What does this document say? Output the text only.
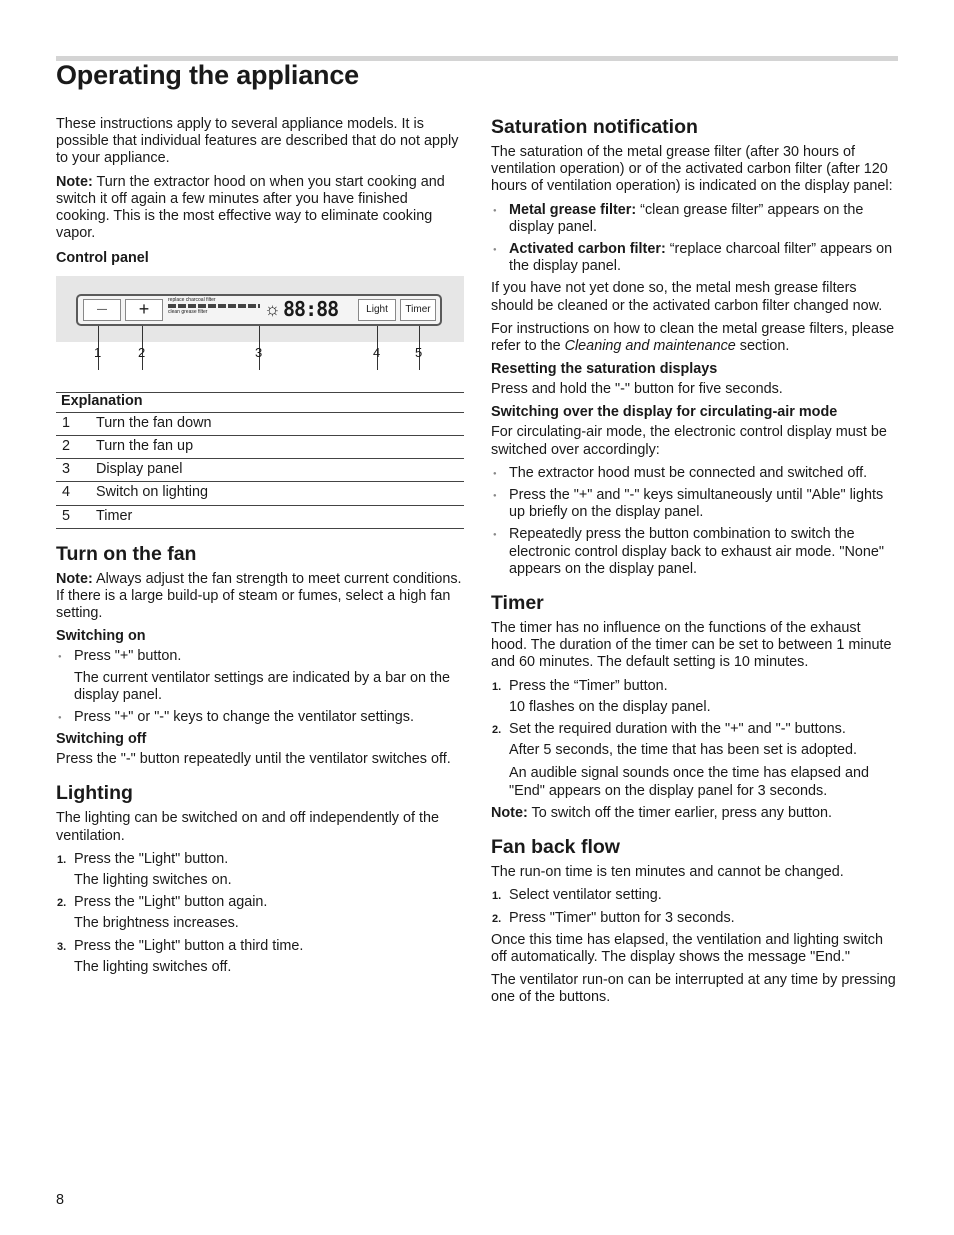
Operating the appliance

These instructions apply to several appliance models. It is possible that individual features are described that do not apply to your appliance.

Note: Turn the extractor hood on when you start cooking and switch it off again a few minutes after you have finished cooking. This is the most effective way to eliminate cooking vapor.

Control panel
—	+	replace charcoal filter
clean grease filter	☼ 88:88	Light	Timer
1	2	3	4	5
Explanation	
1	Turn the fan down
2	Turn the fan up
3	Display panel
4	Switch on lighting
5	Timer
Turn on the fan

Note: Always adjust the fan strength to meet current conditions. If there is a large build-up of steam or fumes, select a high fan setting.

Switching on
● Press "+" button.
The current ventilator settings are indicated by a bar on the display panel.
● Press "+" or "-" keys to change the ventilator settings.
Switching off

Press the "-" button repeatedly until the ventilator switches off.

Lighting

The lighting can be switched on and off independently of the ventilation.

1. Press the "Light" button.
The lighting switches on.
2. Press the "Light" button again.
The brightness increases.
3. Press the "Light" button a third time.
The lighting switches off.
Saturation notification

The saturation of the metal grease filter (after 30 hours of ventilation operation) or of the activated carbon filter (after 120 hours of ventilation operation) is indicated on the display panel:

● Metal grease filter: “clean grease filter” appears on the display panel.
● Activated carbon filter: “replace charcoal filter” appears on the display panel.

If you have not yet done so, the metal mesh grease filters should be cleaned or the activated carbon filter changed now.

For instructions on how to clean the metal grease filters, please refer to the Cleaning and maintenance section.

Resetting the saturation displays

Press and hold the "-" button for five seconds.

Switching over the display for circulating-air mode

For circulating-air mode, the electronic control display must be switched over accordingly:

● The extractor hood must be connected and switched off.
● Press the "+" and "-" keys simultaneously until "Able" lights up briefly on the display panel.
● Repeatedly press the button combination to switch the electronic control display back to exhaust air mode. "None" appears on the display panel.
Timer

The timer has no influence on the functions of the exhaust hood. The duration of the timer can be set to between 1 minute and 60 minutes. The default setting is 10 minutes.

1. Press the “Timer” button.
10 flashes on the display panel.
2. Set the required duration with the "+" and "-" buttons.
After 5 seconds, the time that has been set is adopted.
An audible signal sounds once the time has elapsed and "End" appears on the display panel for 3 seconds.

Note: To switch off the timer earlier, press any button.

Fan back flow

The run-on time is ten minutes and cannot be changed.

1. Select ventilator setting.
2. Press "Timer" button for 3 seconds.

Once this time has elapsed, the ventilation and lighting switch off automatically. The display shows the message "End."

The ventilator run-on can be interrupted at any time by pressing one of the buttons.

8
